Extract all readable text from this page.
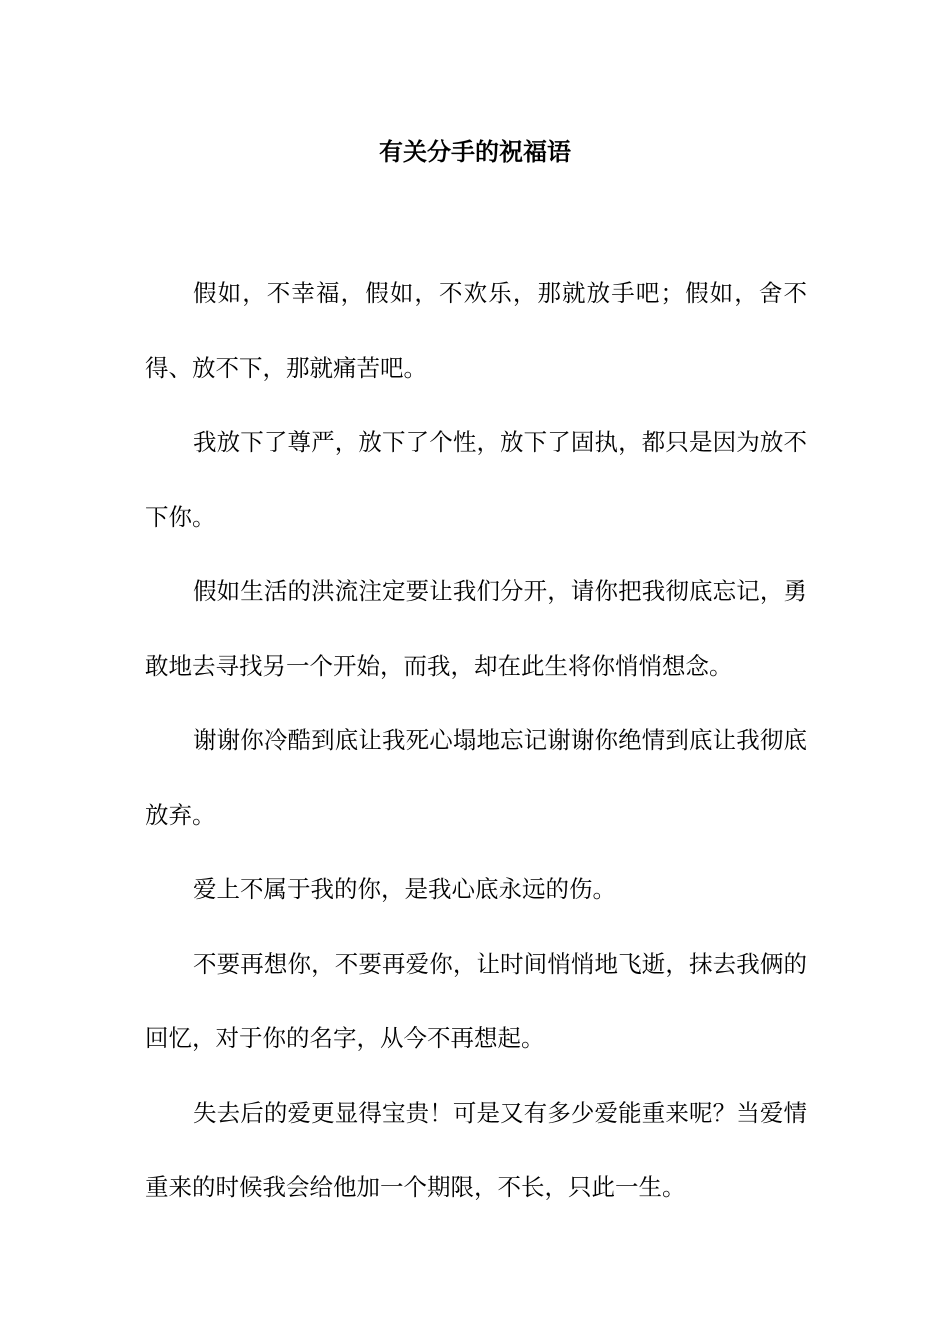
有关分手的祝福语

假如，不幸福，假如，不欢乐，那就放手吧；假如，舍不得、放不下，那就痛苦吧。

我放下了尊严，放下了个性，放下了固执，都只是因为放不下你。

假如生活的洪流注定要让我们分开，请你把我彻底忘记，勇敢地去寻找另一个开始，而我，却在此生将你悄悄想念。

谢谢你冷酷到底让我死心塌地忘记谢谢你绝情到底让我彻底放弃。

爱上不属于我的你，是我心底永远的伤。

不要再想你，不要再爱你，让时间悄悄地飞逝，抹去我俩的回忆，对于你的名字，从今不再想起。

失去后的爱更显得宝贵！可是又有多少爱能重来呢？当爱情重来的时候我会给他加一个期限，不长，只此一生。
